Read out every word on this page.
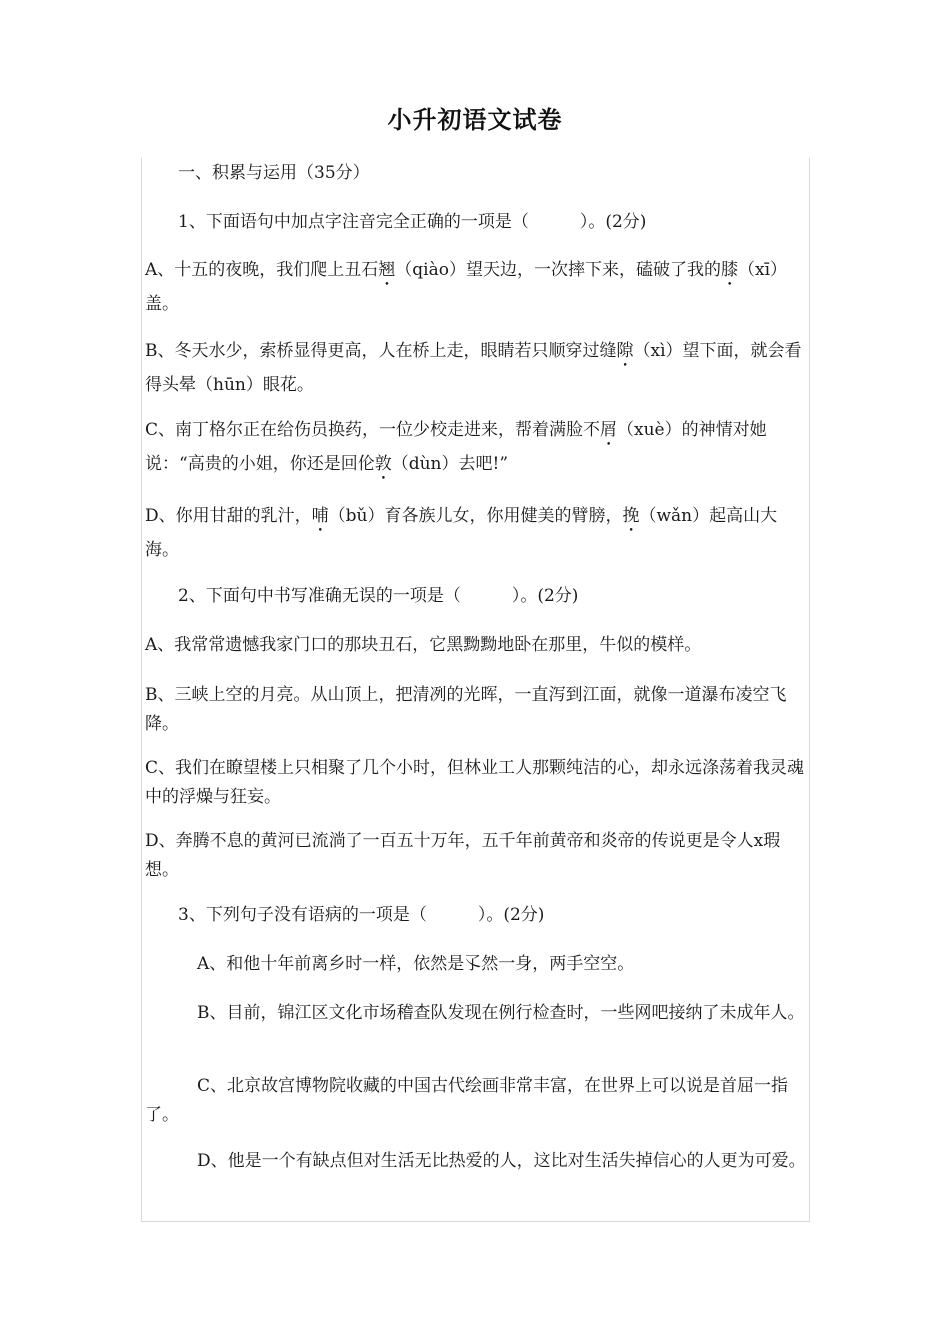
小升初语文试卷
一、积累与运用（35分）
1、下面语句中加点字注音完全正确的一项是（　　　）。(2分)
A、十五的夜晚，我们爬上丑石翘（qiào）望天边，一次摔下来，磕破了我的膝（xī）盖。
B、冬天水少，索桥显得更高，人在桥上走，眼睛若只顺穿过缝隙（xì）望下面，就会看得头晕（hūn）眼花。
C、南丁格尔正在给伤员换药，一位少校走进来，帮着满脸不屑（xuè）的神情对她说：“高贵的小姐，你还是回伦敦（dùn）去吧!”
D、你用甘甜的乳汁，哺（bǔ）育各族儿女，你用健美的臂膀，挽（wǎn）起高山大海。
2、下面句中书写准确无误的一项是（　　　）。(2分)
A、我常常遗憾我家门口的那块丑石，它黑黝黝地卧在那里，牛似的模样。
B、三峡上空的月亮。从山顶上，把清冽的光晖，一直泻到江面，就像一道瀑布凌空飞降。
C、我们在瞭望楼上只相聚了几个小时，但林业工人那颗纯洁的心，却永远涤荡着我灵魂中的浮燥与狂妄。
D、奔腾不息的黄河已流淌了一百五十万年，五千年前黄帝和炎帝的传说更是令人x瑕想。
3、下列句子没有语病的一项是（　　　）。(2分)
A、和他十年前离乡时一样，依然是孓然一身，两手空空。
B、目前，锦江区文化市场稽查队发现在例行检查时，一些网吧接纳了未成年人。
C、北京故宫博物院收藏的中国古代绘画非常丰富，在世界上可以说是首屈一指了。
D、他是一个有缺点但对生活无比热爱的人，这比对生活失掉信心的人更为可爱。
